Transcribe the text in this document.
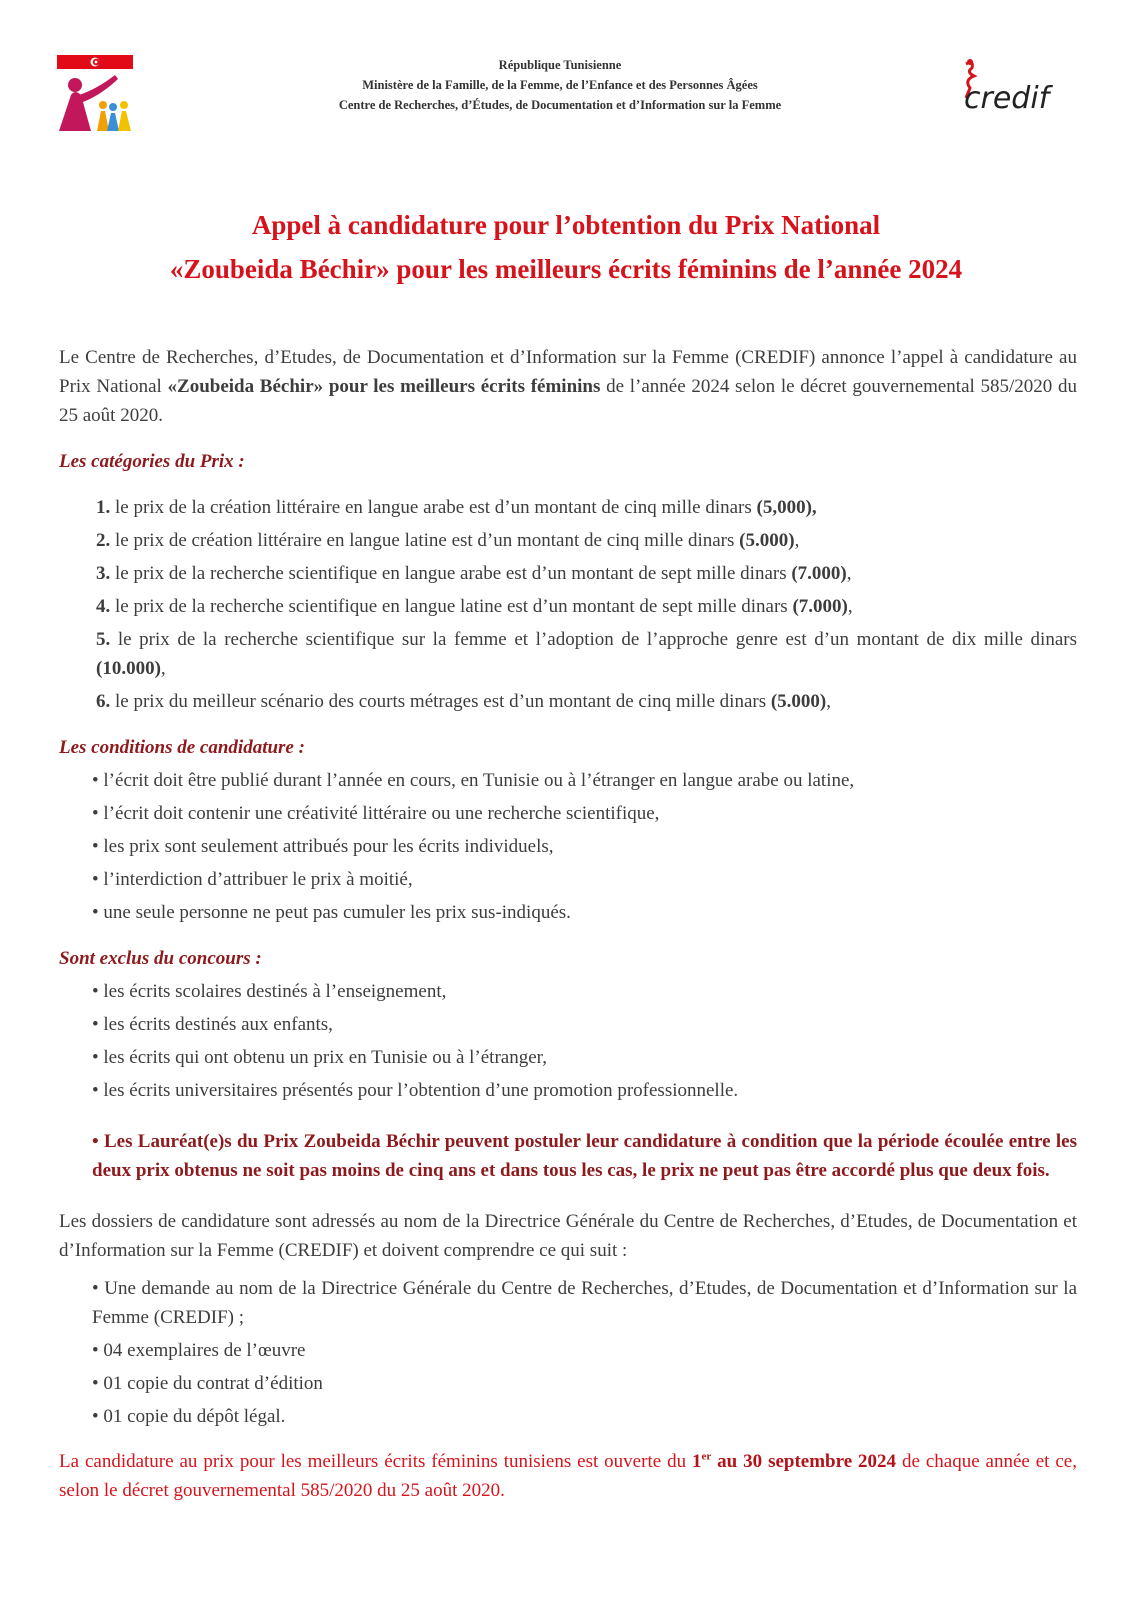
République Tunisienne
Ministère de la Famille, de la Femme, de l’Enfance et des Personnes Âgées
Centre de Recherches, d’Études, de Documentation et d’Information sur la Femme	credif
Appel à candidature pour l’obtention du Prix National
«Zoubeida Béchir» pour les meilleurs écrits féminins de l’année 2024

Le Centre de Recherches, d’Etudes, de Documentation et d’Information sur la Femme (CREDIF) annonce l’appel à candidature au Prix National «Zoubeida Béchir» pour les meilleurs écrits féminins de l’année 2024 selon le décret gouvernemental 585/2020 du 25 août 2020.

Les catégories du Prix :

1. le prix de la création littéraire en langue arabe est d’un montant de cinq mille dinars (5,000),
2. le prix de création littéraire en langue latine est d’un montant de cinq mille dinars (5.000),
3. le prix de la recherche scientifique en langue arabe est d’un montant de sept mille dinars (7.000),
4. le prix de la recherche scientifique en langue latine est d’un montant de sept mille dinars (7.000),
5. le prix de la recherche scientifique sur la femme et l’adoption de l’approche genre est d’un montant de dix mille dinars (10.000),
6. le prix du meilleur scénario des courts métrages est d’un montant de cinq mille dinars (5.000),

Les conditions de candidature :

• l’écrit doit être publié durant l’année en cours, en Tunisie ou à l’étranger en langue arabe ou latine,
• l’écrit doit contenir une créativité littéraire ou une recherche scientifique,
• les prix sont seulement attribués pour les écrits individuels,
• l’interdiction d’attribuer le prix à moitié,
• une seule personne ne peut pas cumuler les prix sus-indiqués.

Sont exclus du concours :

• les écrits scolaires destinés à l’enseignement,
• les écrits destinés aux enfants,
• les écrits qui ont obtenu un prix en Tunisie ou à l’étranger,
• les écrits universitaires présentés pour l’obtention d’une promotion professionnelle.

• Les Lauréat(e)s du Prix Zoubeida Béchir peuvent postuler leur candidature à condition que la période écoulée entre les deux prix obtenus ne soit pas moins de cinq ans et dans tous les cas, le prix ne peut pas être accordé plus que deux fois.

Les dossiers de candidature sont adressés au nom de la Directrice Générale du Centre de Recherches, d’Etudes, de Documentation et d’Information sur la Femme (CREDIF) et doivent comprendre ce qui suit :

• Une demande au nom de la Directrice Générale du Centre de Recherches, d’Etudes, de Documentation et d’Information sur la Femme (CREDIF) ;
• 04 exemplaires de l’œuvre
• 01 copie du contrat d’édition
• 01 copie du dépôt légal.

La candidature au prix pour les meilleurs écrits féminins tunisiens est ouverte du 1er au 30 septembre 2024 de chaque année et ce, selon le décret gouvernemental 585/2020 du 25 août 2020.
